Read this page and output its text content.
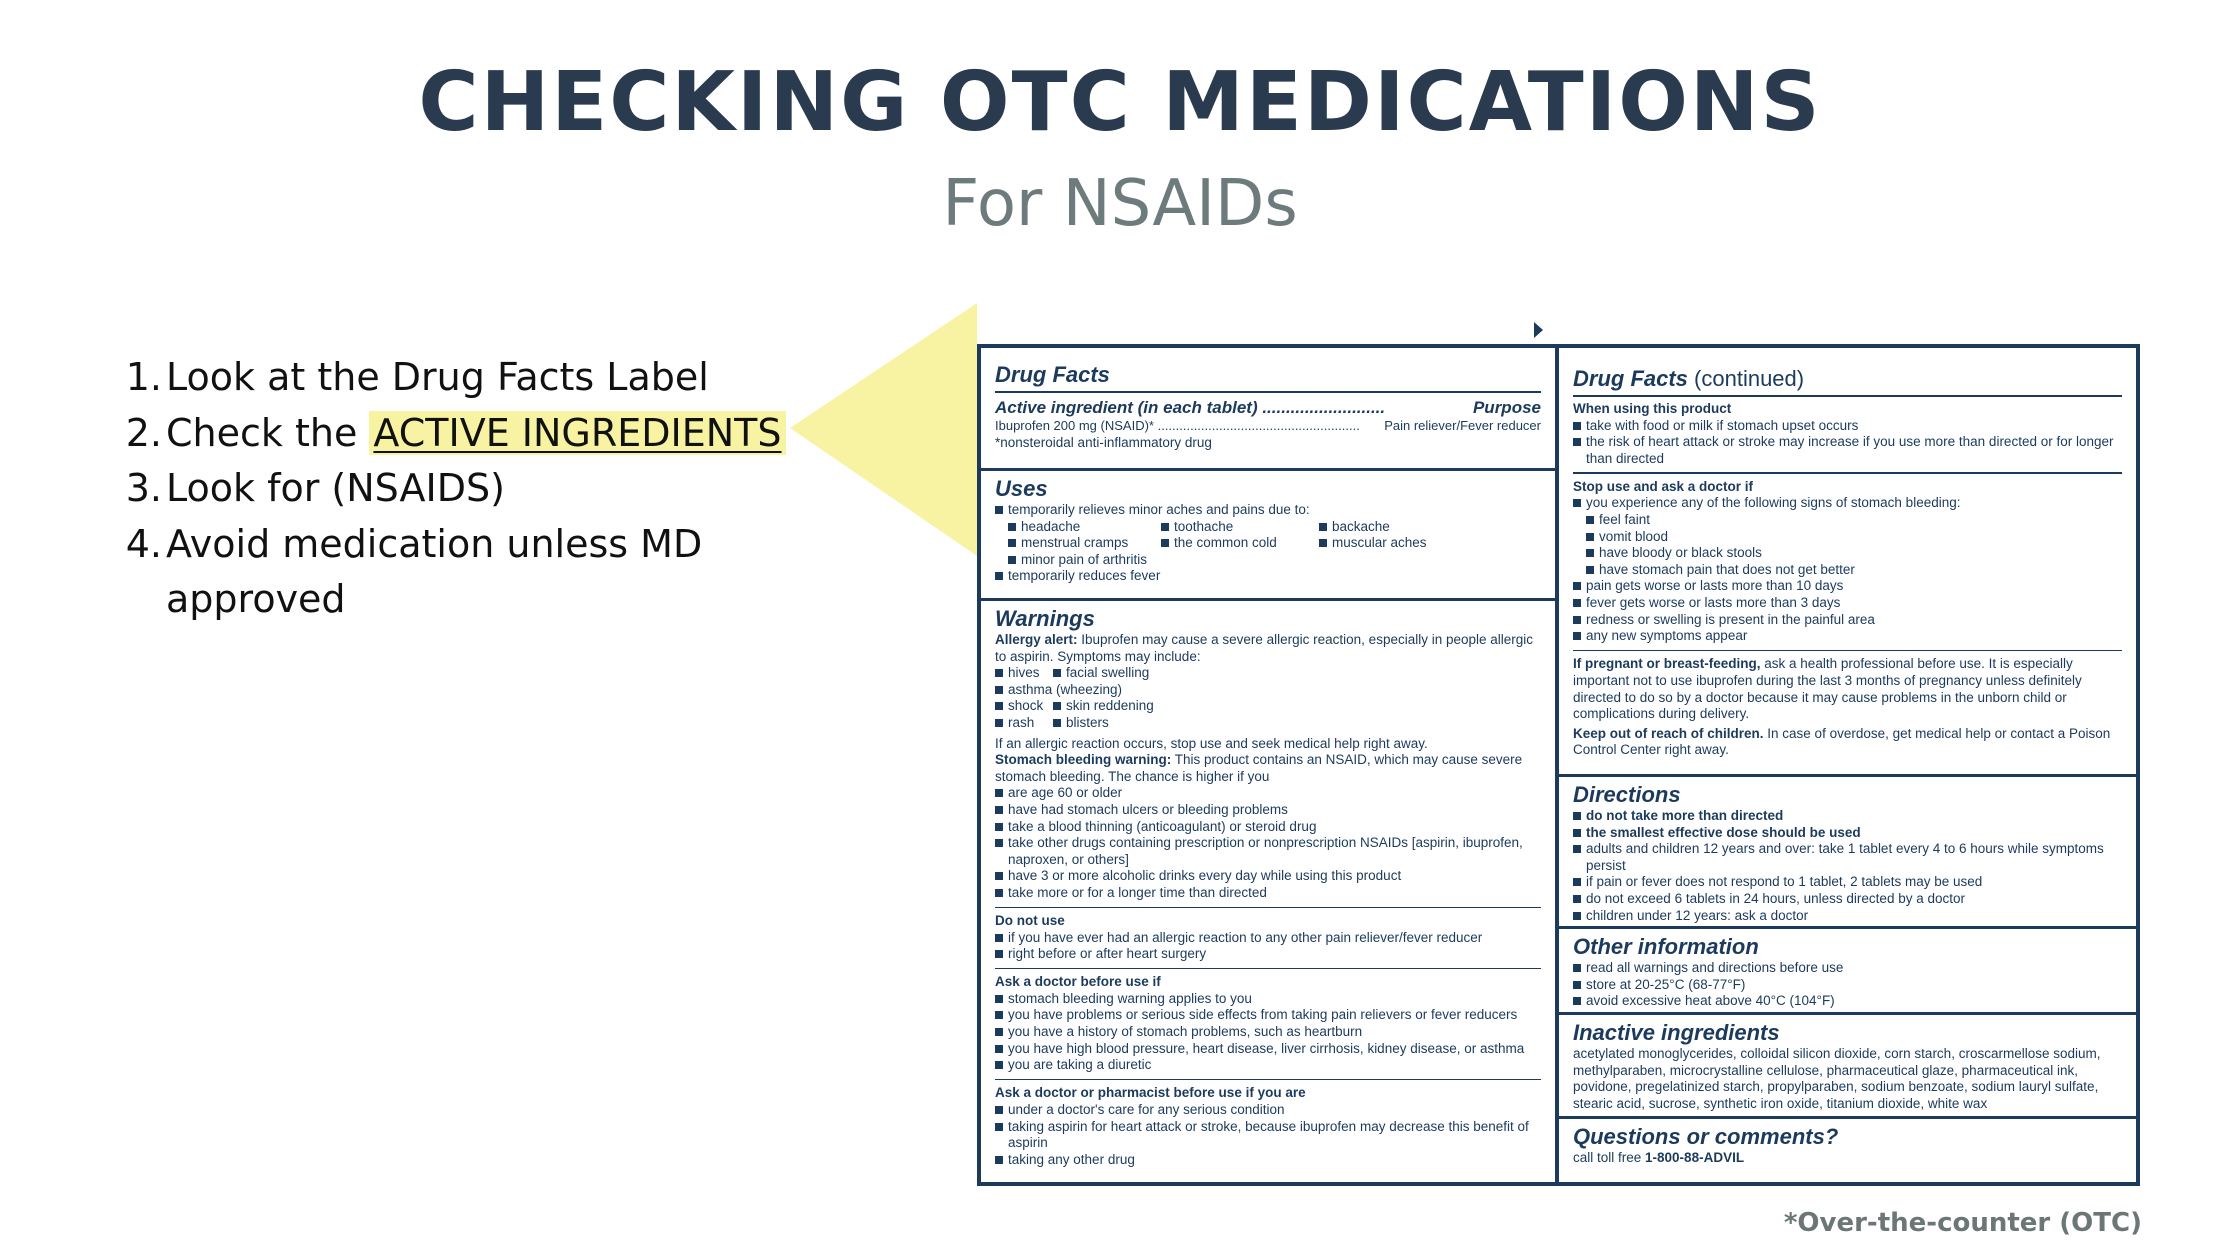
CHECKING OTC MEDICATIONS
For NSAIDs
1. Look at the Drug Facts Label
2. Check the ACTIVE INGREDIENTS
3. Look for (NSAIDS)
4. Avoid medication unless MD approved
Drug Facts
Active ingredient (in each tablet) ..........................	Purpose
Ibuprofen 200 mg (NSAID)* ........................................................ Pain reliever/Fever reducer
*nonsteroidal anti-inflammatory drug
Uses
temporarily relieves minor aches and pains due to:
headache	toothache	backache
menstrual cramps	the common cold	muscular aches
minor pain of arthritis
temporarily reduces fever
Warnings
Allergy alert: Ibuprofen may cause a severe allergic reaction, especially in people allergic to aspirin. Symptoms may include:
hives	facial swelling
asthma (wheezing)
shock	skin reddening
rash	blisters
If an allergic reaction occurs, stop use and seek medical help right away.
Stomach bleeding warning: This product contains an NSAID, which may cause severe stomach bleeding. The chance is higher if you
are age 60 or older
have had stomach ulcers or bleeding problems
take a blood thinning (anticoagulant) or steroid drug
take other drugs containing prescription or nonprescription NSAIDs [aspirin, ibuprofen, naproxen, or others]
have 3 or more alcoholic drinks every day while using this product
take more or for a longer time than directed
Do not use
if you have ever had an allergic reaction to any other pain reliever/fever reducer
right before or after heart surgery
Ask a doctor before use if
stomach bleeding warning applies to you
you have problems or serious side effects from taking pain relievers or fever reducers
you have a history of stomach problems, such as heartburn
you have high blood pressure, heart disease, liver cirrhosis, kidney disease, or asthma
you are taking a diuretic
Ask a doctor or pharmacist before use if you are
under a doctor's care for any serious condition
taking aspirin for heart attack or stroke, because ibuprofen may decrease this benefit of aspirin
taking any other drug
Drug Facts (continued)
When using this product
take with food or milk if stomach upset occurs
the risk of heart attack or stroke may increase if you use more than directed or for longer than directed
Stop use and ask a doctor if
you experience any of the following signs of stomach bleeding:
feel faint
vomit blood
have bloody or black stools
have stomach pain that does not get better
pain gets worse or lasts more than 10 days
fever gets worse or lasts more than 3 days
redness or swelling is present in the painful area
any new symptoms appear
If pregnant or breast-feeding, ask a health professional before use. It is especially important not to use ibuprofen during the last 3 months of pregnancy unless definitely directed to do so by a doctor because it may cause problems in the unborn child or complications during delivery.
Keep out of reach of children. In case of overdose, get medical help or contact a Poison Control Center right away.
Directions
do not take more than directed
the smallest effective dose should be used
adults and children 12 years and over: take 1 tablet every 4 to 6 hours while symptoms persist
if pain or fever does not respond to 1 tablet, 2 tablets may be used
do not exceed 6 tablets in 24 hours, unless directed by a doctor
children under 12 years: ask a doctor
Other information
read all warnings and directions before use
store at 20-25°C (68-77°F)
avoid excessive heat above 40°C (104°F)
Inactive ingredients
acetylated monoglycerides, colloidal silicon dioxide, corn starch, croscarmellose sodium, methylparaben, microcrystalline cellulose, pharmaceutical glaze, pharmaceutical ink, povidone, pregelatinized starch, propylparaben, sodium benzoate, sodium lauryl sulfate, stearic acid, sucrose, synthetic iron oxide, titanium dioxide, white wax
Questions or comments?
call toll free 1-800-88-ADVIL
*Over-the-counter (OTC)
